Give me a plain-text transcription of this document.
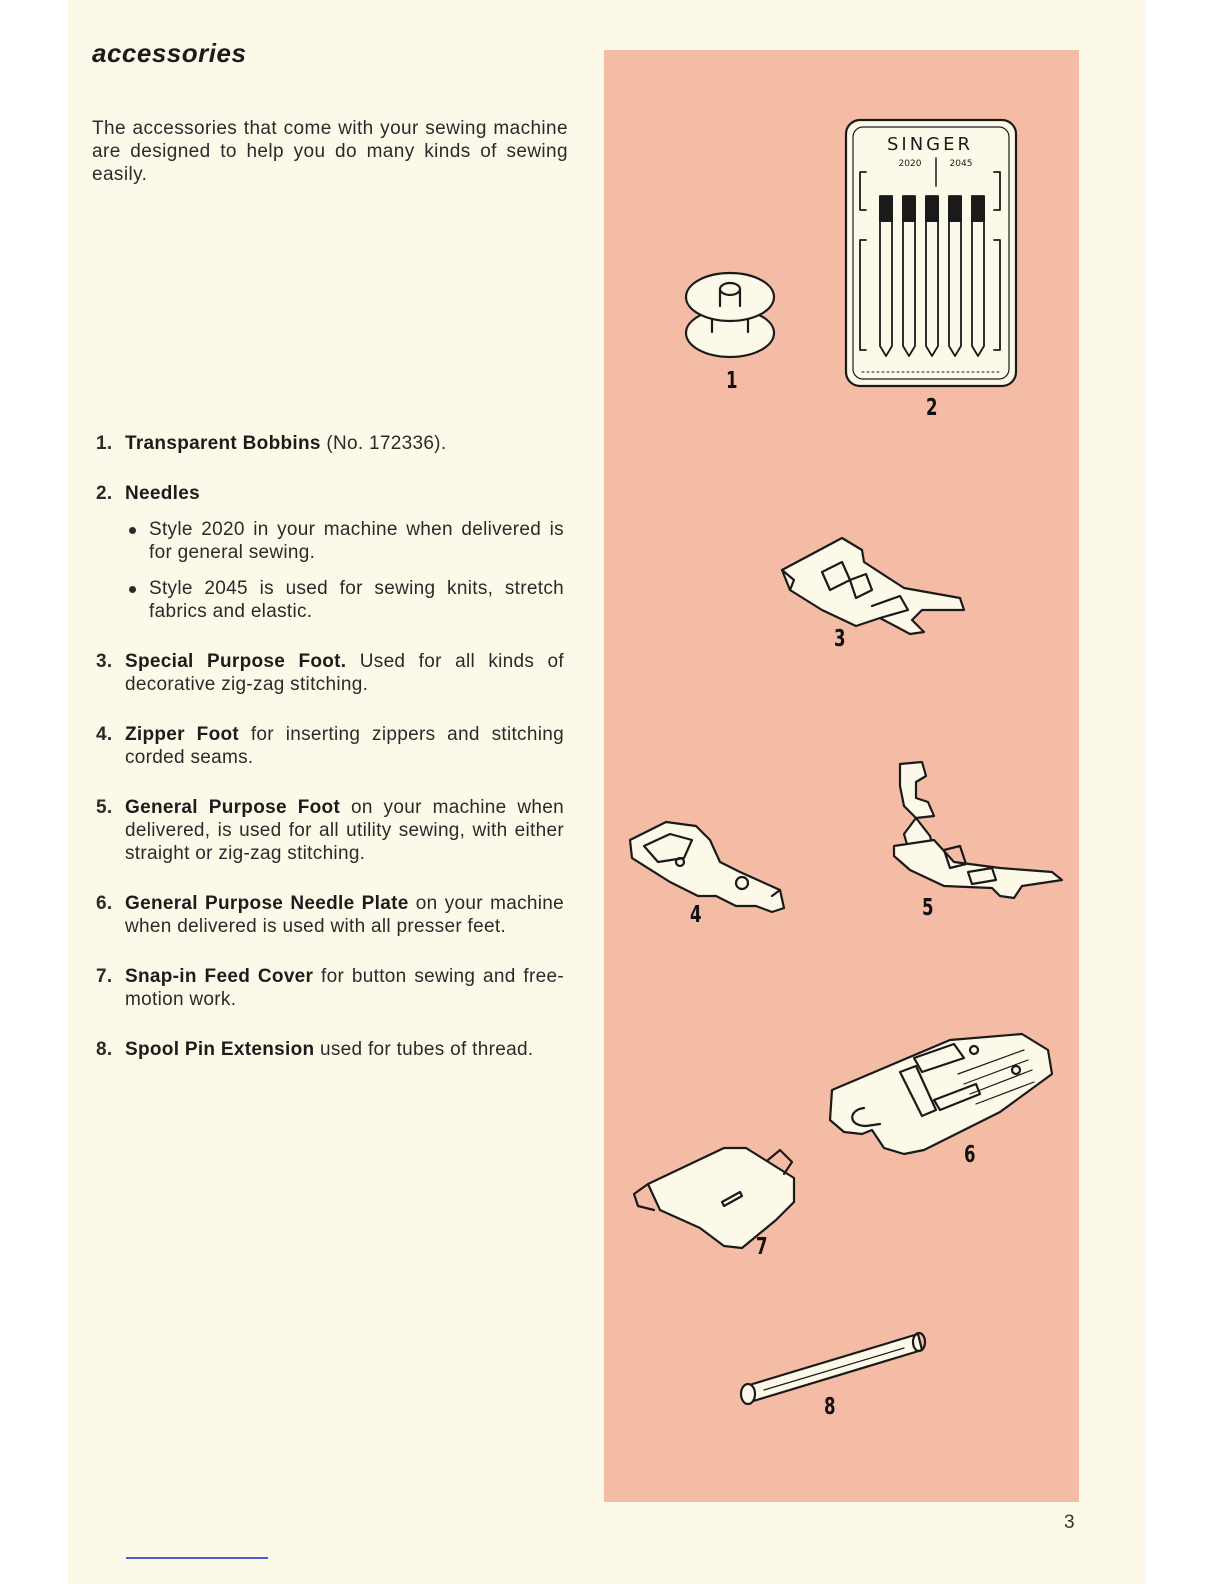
accessories

The accessories that come with your sewing machine are designed to help you do many kinds of sewing easily.

1. Transparent Bobbins (No. 172336).
2. Needles
Style 2020 in your machine when delivered is for general sewing.
Style 2045 is used for sewing knits, stretch fabrics and elastic.
3. Special Purpose Foot. Used for all kinds of decorative zig-zag stitching.
4. Zipper Foot for inserting zippers and stitching corded seams.
5. General Purpose Foot on your machine when delivered, is used for all utility sewing, with either straight or zig-zag stitching.
6. General Purpose Needle Plate on your machine when delivered is used with all presser feet.
7. Snap-in Feed Cover for button sewing and free-motion work.
8. Spool Pin Extension used for tubes of thread.
SINGER
2020	2045
1
2
3
4	5
6
7
8
3
